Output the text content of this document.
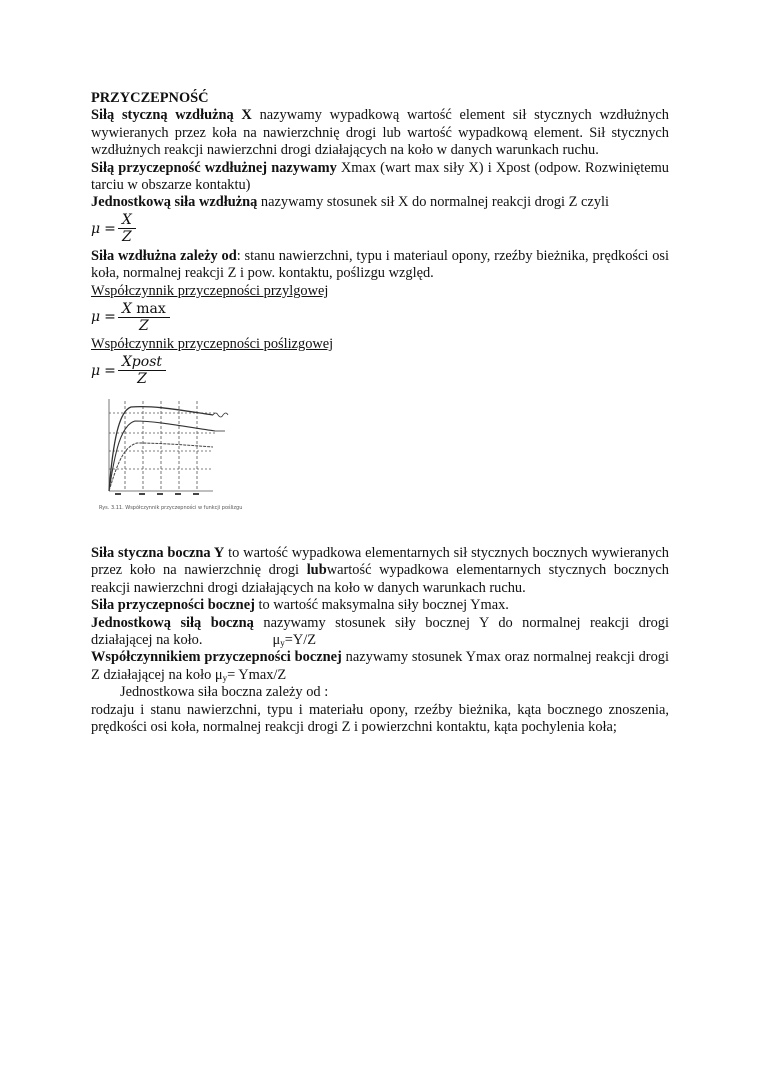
PRZYCZEPNOŚĆ

Siłą styczną wzdłużną X nazywamy wypadkową wartość element sił stycznych wzdłużnych wywieranych przez koła na nawierzchnię drogi lub wartość wypadkową element. Sił stycznych wzdłużnych reakcji nawierzchni drogi działających na koło w danych warunkach ruchu.

Siłą przyczepność wzdłużnej nazywamy Xmax (wart max siły X) i Xpost (odpow. Rozwiniętemu tarciu w obszarze kontaktu)

Jednostkową siła wzdłużną nazywamy stosunek sił X do normalnej reakcji drogi Z czyli

$\mu = \frac{X}{Z}$

Siła wzdłużna zależy od: stanu nawierzchni, typu i materiaul opony, rzeźby bieżnika, prędkości osi koła, normalnej reakcji Z i pow. kontaktu, poślizgu względ.

Współczynnik przyczepności przylgowej

$\mu = \frac{\text{X max}}{Z}$

Współczynnik przyczepności poślizgowej

$\mu = \frac{\text{Xpost}}{Z}$
Rys. 3.11. Współczynnik przyczepności w funkcji poślizgu

Siła styczna boczna Y to wartość wypadkowa elementarnych sił stycznych bocznych wywieranych przez koło na nawierzchnię drogi lubwartość wypadkowa elementarnych stycznych bocznych reakcji nawierzchni drogi działających na koło w danych warunkach ruchu.

Siła przyczepności bocznej to wartość maksymalna siły bocznej Ymax.

Jednostkową siłą boczną nazywamy stosunek siły bocznej Y do normalnej reakcji drogi działającej na koło.	$\mu_y=Y/Z$

Współczynnikiem przyczepności bocznej nazywamy stosunek Ymax oraz normalnej reakcji drogi Z działającej na koło $\mu_y= Ymax/Z$

Jednostkowa siła boczna zależy od :

rodzaju i stanu nawierzchni, typu i materiału opony, rzeźby bieżnika, kąta bocznego znoszenia, prędkości osi koła, normalnej reakcji drogi Z i powierzchni kontaktu, kąta pochylenia koła;
